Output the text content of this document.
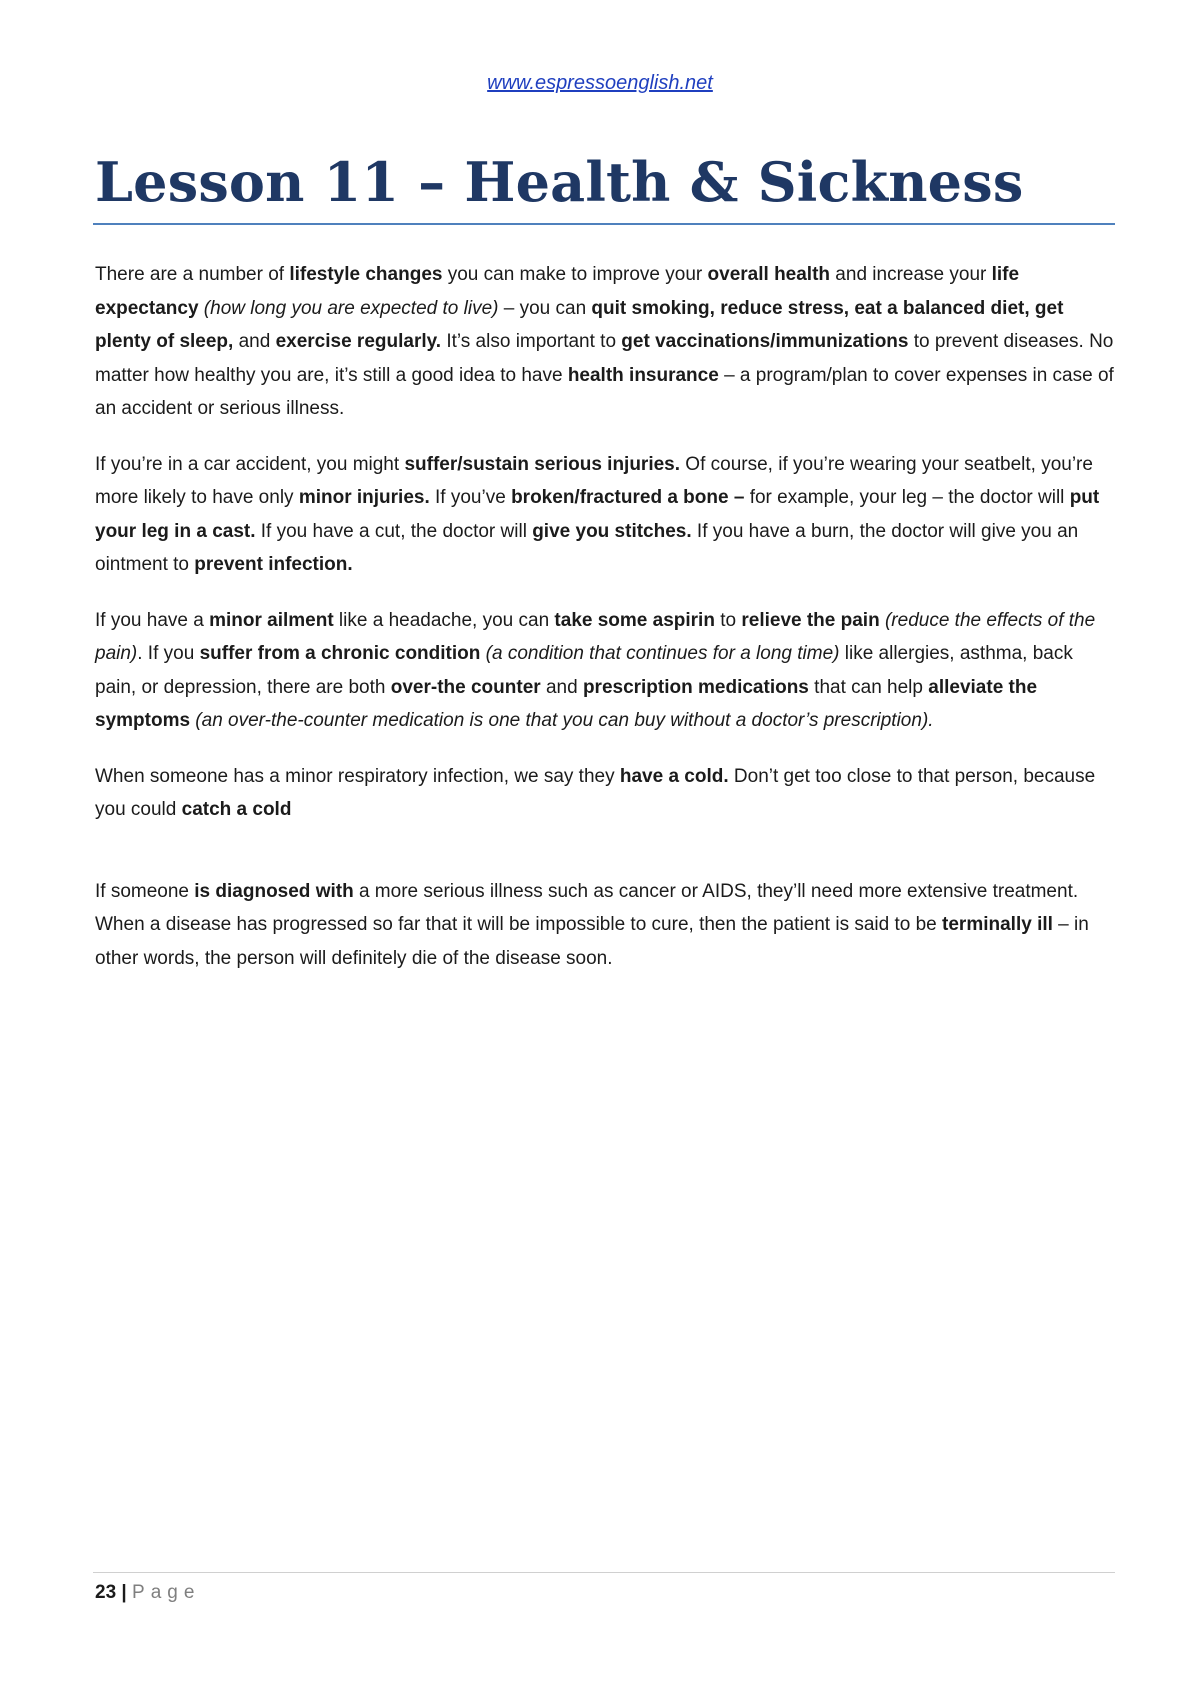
www.espressoenglish.net
Lesson 11 – Health & Sickness

There are a number of lifestyle changes you can make to improve your overall health and increase your life expectancy (how long you are expected to live) – you can quit smoking, reduce stress, eat a balanced diet, get plenty of sleep, and exercise regularly. It’s also important to get vaccinations/immunizations to prevent diseases. No matter how healthy you are, it’s still a good idea to have health insurance – a program/plan to cover expenses in case of an accident or serious illness.

If you’re in a car accident, you might suffer/sustain serious injuries. Of course, if you’re wearing your seatbelt, you’re more likely to have only minor injuries. If you’ve broken/fractured a bone – for example, your leg – the doctor will put your leg in a cast. If you have a cut, the doctor will give you stitches. If you have a burn, the doctor will give you an ointment to prevent infection.

If you have a minor ailment like a headache, you can take some aspirin to relieve the pain (reduce the effects of the pain). If you suffer from a chronic condition (a condition that continues for a long time) like allergies, asthma, back pain, or depression, there are both over-the counter and prescription medications that can help alleviate the symptoms (an over-the-counter medication is one that you can buy without a doctor’s prescription).

When someone has a minor respiratory infection, we say they have a cold. Don’t get too close to that person, because you could catch a cold

If someone is diagnosed with a more serious illness such as cancer or AIDS, they’ll need more extensive treatment. When a disease has progressed so far that it will be impossible to cure, then the patient is said to be terminally ill – in other words, the person will definitely die of the disease soon.

23 | Page
